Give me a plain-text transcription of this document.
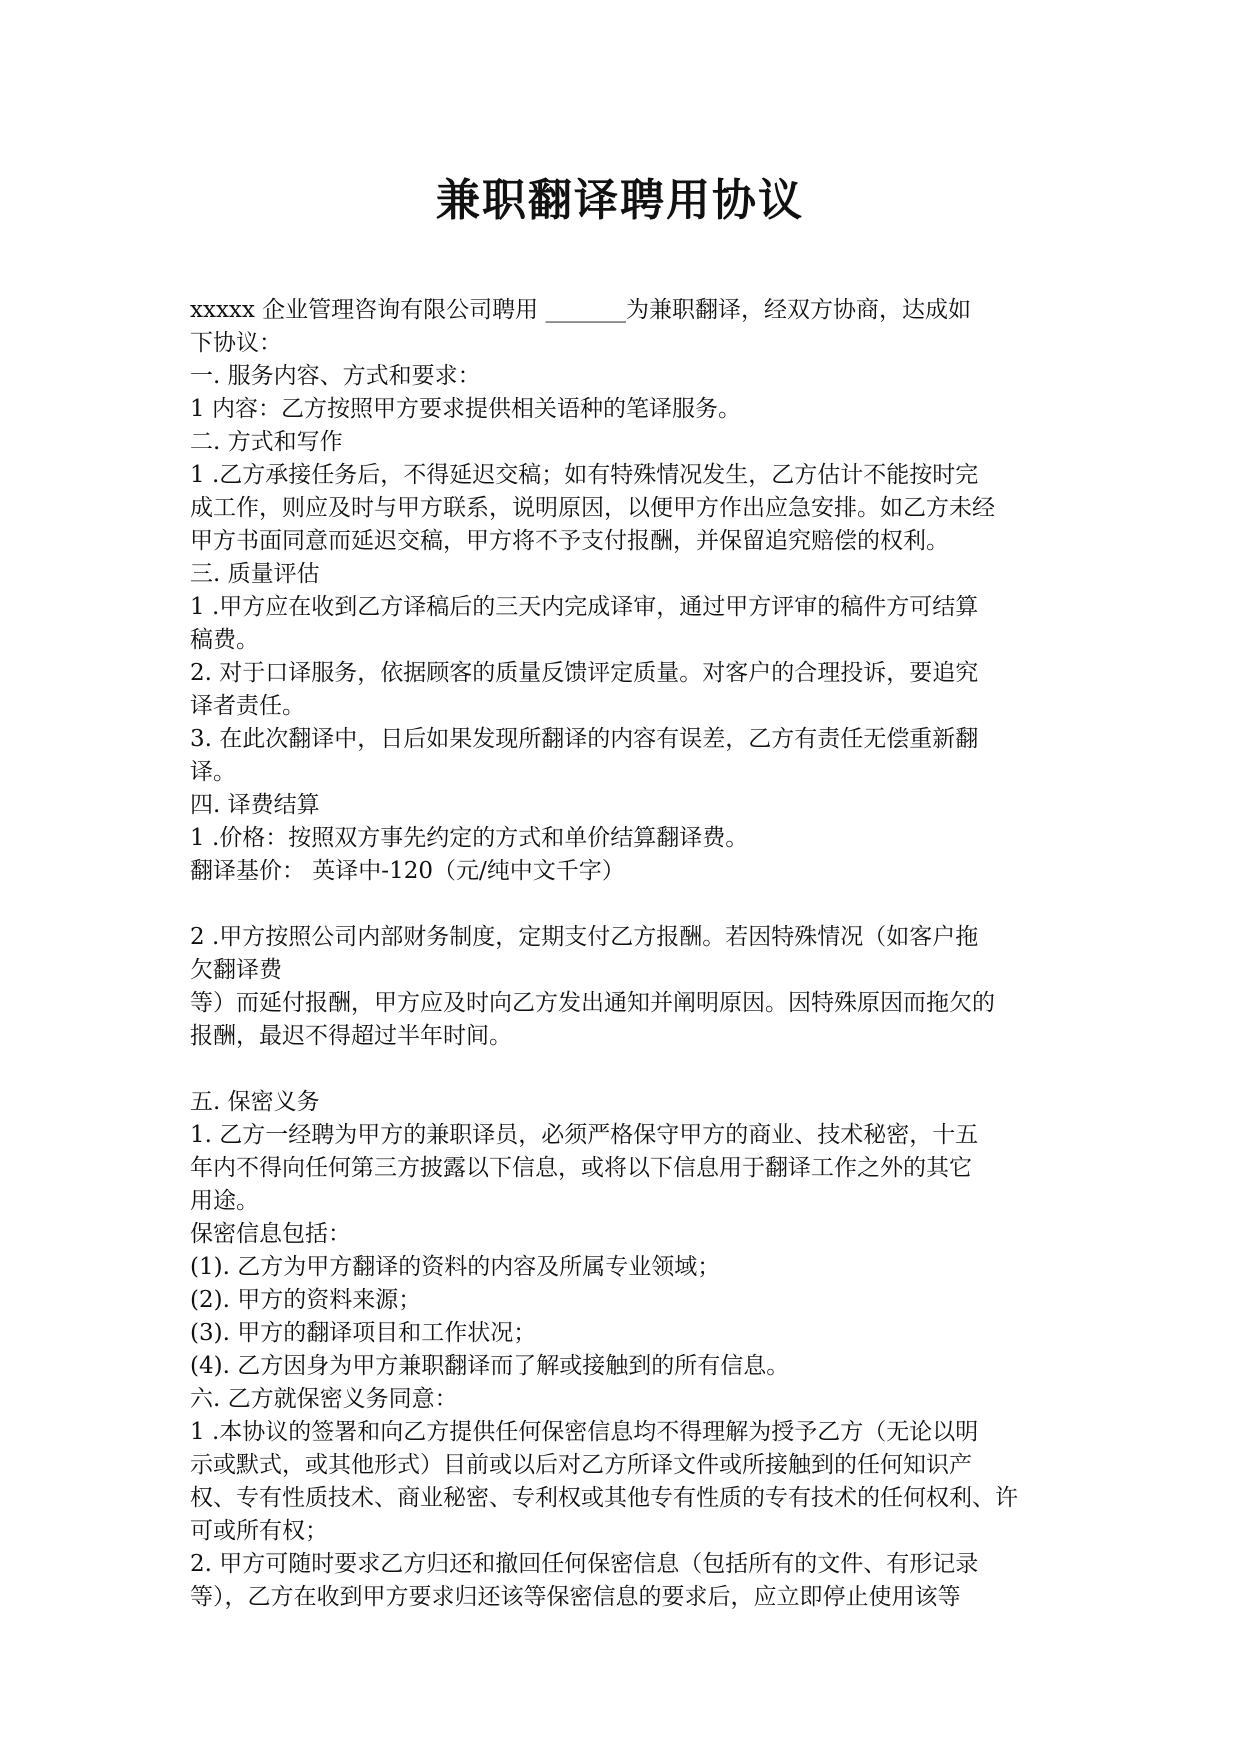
兼职翻译聘用协议
xxxxx 企业管理咨询有限公司聘用 _______为兼职翻译，经双方协商，达成如
下协议：
一. 服务内容、方式和要求：
1 内容：乙方按照甲方要求提供相关语种的笔译服务。
二. 方式和写作
1 .乙方承接任务后，不得延迟交稿；如有特殊情况发生，乙方估计不能按时完
成工作，则应及时与甲方联系，说明原因，以便甲方作出应急安排。如乙方未经
甲方书面同意而延迟交稿，甲方将不予支付报酬，并保留追究赔偿的权利。
三. 质量评估
1 .甲方应在收到乙方译稿后的三天内完成译审，通过甲方评审的稿件方可结算
稿费。
2. 对于口译服务，依据顾客的质量反馈评定质量。对客户的合理投诉，要追究
译者责任。
3. 在此次翻译中，日后如果发现所翻译的内容有误差，乙方有责任无偿重新翻
译。
四. 译费结算
1 .价格：按照双方事先约定的方式和单价结算翻译费。
翻译基价： 英译中-120（元/纯中文千字）
2 .甲方按照公司内部财务制度，定期支付乙方报酬。若因特殊情况（如客户拖
欠翻译费
等）而延付报酬，甲方应及时向乙方发出通知并阐明原因。因特殊原因而拖欠的
报酬，最迟不得超过半年时间。
五. 保密义务
1. 乙方一经聘为甲方的兼职译员，必须严格保守甲方的商业、技术秘密，十五
年内不得向任何第三方披露以下信息，或将以下信息用于翻译工作之外的其它
用途。
保密信息包括：
(1). 乙方为甲方翻译的资料的内容及所属专业领域；
(2). 甲方的资料来源；
(3). 甲方的翻译项目和工作状况；
(4). 乙方因身为甲方兼职翻译而了解或接触到的所有信息。
六. 乙方就保密义务同意：
1 .本协议的签署和向乙方提供任何保密信息均不得理解为授予乙方（无论以明
示或默式，或其他形式）目前或以后对乙方所译文件或所接触到的任何知识产
权、专有性质技术、商业秘密、专利权或其他专有性质的专有技术的任何权利、许
可或所有权；
2. 甲方可随时要求乙方归还和撤回任何保密信息（包括所有的文件、有形记录
等），乙方在收到甲方要求归还该等保密信息的要求后，应立即停止使用该等
